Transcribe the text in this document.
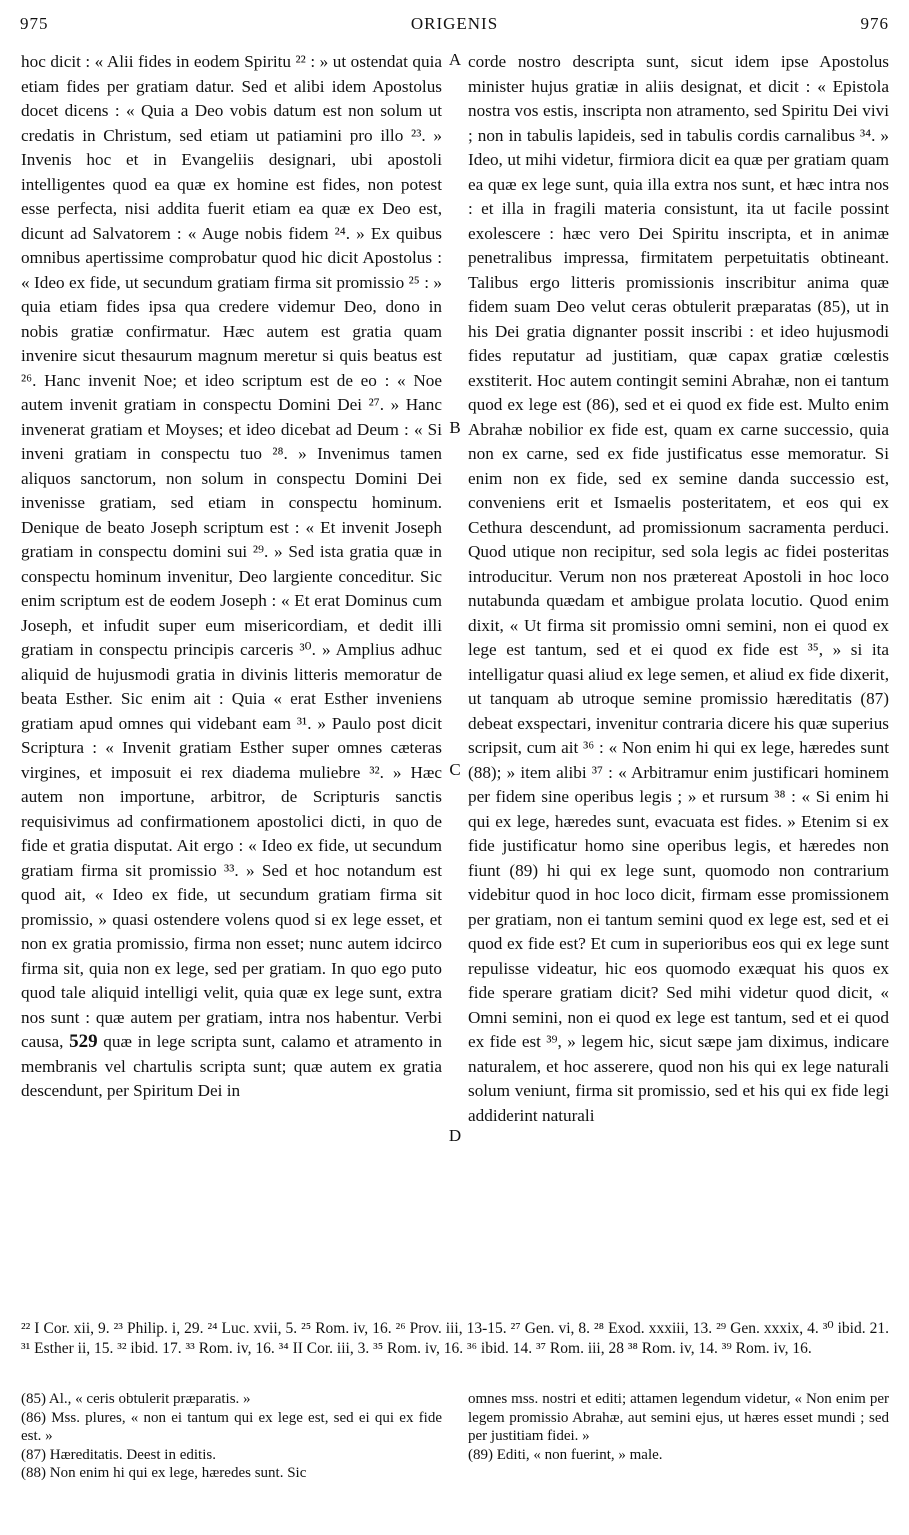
975	ORIGENIS	976

hoc dicit : « Alii fides in eodem Spiritu ²² : » ut ostendat quia etiam fides per gratiam datur. Sed et alibi idem Apostolus docet dicens : « Quia a Deo vobis datum est non solum ut credatis in Christum, sed etiam ut patiamini pro illo ²³. » Invenis hoc et in Evangeliis designari, ubi apostoli intelligentes quod ea quæ ex homine est fides, non potest esse perfecta, nisi addita fuerit etiam ea quæ ex Deo est, dicunt ad Salvatorem : « Auge nobis fidem ²⁴. » Ex quibus omnibus apertissime comprobatur quod hic dicit Apostolus : « Ideo ex fide, ut secundum gratiam firma sit promissio ²⁵ : » quia etiam fides ipsa qua credere videmur Deo, dono in nobis gratiæ confirmatur. Hæc autem est gratia quam invenire sicut thesaurum magnum meretur si quis beatus est ²⁶. Hanc invenit Noe; et ideo scriptum est de eo : « Noe autem invenit gratiam in conspectu Domini Dei ²⁷. » Hanc invenerat gratiam et Moyses; et ideo dicebat ad Deum : « Si inveni gratiam in conspectu tuo ²⁸. » Invenimus tamen aliquos sanctorum, non solum in conspectu Domini Dei invenisse gratiam, sed etiam in conspectu hominum. Denique de beato Joseph scriptum est : « Et invenit Joseph gratiam in conspectu domini sui ²⁹. » Sed ista gratia quæ in conspectu hominum invenitur, Deo largiente conceditur. Sic enim scriptum est de eodem Joseph : « Et erat Dominus cum Joseph, et infudit super eum misericordiam, et dedit illi gratiam in conspectu principis carceris ³⁰. » Amplius adhuc aliquid de hujusmodi gratia in divinis litteris memoratur de beata Esther. Sic enim ait : Quia « erat Esther inveniens gratiam apud omnes qui videbant eam ³¹. » Paulo post dicit Scriptura : « Invenit gratiam Esther super omnes cæteras virgines, et imposuit ei rex diadema muliebre ³². » Hæc autem non importune, arbitror, de Scripturis sanctis requisivimus ad confirmationem apostolici dicti, in quo de fide et gratia disputat. Ait ergo : « Ideo ex fide, ut secundum gratiam firma sit promissio ³³. » Sed et hoc notandum est quod ait, « Ideo ex fide, ut secundum gratiam firma sit promissio, » quasi ostendere volens quod si ex lege esset, et non ex gratia promissio, firma non esset; nunc autem idcirco firma sit, quia non ex lege, sed per gratiam. In quo ego puto quod tale aliquid intelligi velit, quia quæ ex lege sunt, extra nos sunt : quæ autem per gratiam, intra nos habentur. Verbi causa, 529 quæ in lege scripta sunt, calamo et atramento in membranis vel chartulis scripta sunt; quæ autem ex gratia descendunt, per Spiritum Dei in

A
B
C
D

corde nostro descripta sunt, sicut idem ipse Apostolus minister hujus gratiæ in aliis designat, et dicit : « Epistola nostra vos estis, inscripta non atramento, sed Spiritu Dei vivi ; non in tabulis lapideis, sed in tabulis cordis carnalibus ³⁴. » Ideo, ut mihi videtur, firmiora dicit ea quæ per gratiam quam ea quæ ex lege sunt, quia illa extra nos sunt, et hæc intra nos : et illa in fragili materia consistunt, ita ut facile possint exolescere : hæc vero Dei Spiritu inscripta, et in animæ penetralibus impressa, firmitatem perpetuitatis obtineant. Talibus ergo litteris promissionis inscribitur anima quæ fidem suam Deo velut ceras obtulerit præparatas (85), ut in his Dei gratia dignanter possit inscribi : et ideo hujusmodi fides reputatur ad justitiam, quæ capax gratiæ cœlestis exstiterit. Hoc autem contingit semini Abrahæ, non ei tantum quod ex lege est (86), sed et ei quod ex fide est. Multo enim Abrahæ nobilior ex fide est, quam ex carne successio, quia non ex carne, sed ex fide justificatus esse memoratur. Si enim non ex fide, sed ex semine danda successio est, conveniens erit et Ismaelis posteritatem, et eos qui ex Cethura descendunt, ad promissionum sacramenta perduci. Quod utique non recipitur, sed sola legis ac fidei posteritas introducitur. Verum non nos prætereat Apostoli in hoc loco nutabunda quædam et ambigue prolata locutio. Quod enim dixit, « Ut firma sit promissio omni semini, non ei quod ex lege est tantum, sed et ei quod ex fide est ³⁵, » si ita intelligatur quasi aliud ex lege semen, et aliud ex fide dixerit, ut tanquam ab utroque semine promissio hæreditatis (87) debeat exspectari, invenitur contraria dicere his quæ superius scripsit, cum ait ³⁶ : « Non enim hi qui ex lege, hæredes sunt (88); » item alibi ³⁷ : « Arbitramur enim justificari hominem per fidem sine operibus legis ; » et rursum ³⁸ : « Si enim hi qui ex lege, hæredes sunt, evacuata est fides. » Etenim si ex fide justificatur homo sine operibus legis, et hæredes non fiunt (89) hi qui ex lege sunt, quomodo non contrarium videbitur quod in hoc loco dicit, firmam esse promissionem per gratiam, non ei tantum semini quod ex lege est, sed et ei quod ex fide est? Et cum in superioribus eos qui ex lege sunt repulisse videatur, hic eos quomodo exæquat his quos ex fide sperare gratiam dicit? Sed mihi videtur quod dicit, « Omni semini, non ei quod ex lege est tantum, sed et ei quod ex fide est ³⁹, » legem hic, sicut sæpe jam diximus, indicare naturalem, et hoc asserere, quod non his qui ex lege naturali solum veniunt, firma sit promissio, sed et his qui ex fide legi addiderint naturali

²² I Cor. xii, 9. ²³ Philip. i, 29. ²⁴ Luc. xvii, 5. ²⁵ Rom. iv, 16. ²⁶ Prov. iii, 13-15. ²⁷ Gen. vi, 8. ²⁸ Exod. xxxiii, 13. ²⁹ Gen. xxxix, 4. ³⁰ ibid. 21. ³¹ Esther ii, 15. ³² ibid. 17. ³³ Rom. iv, 16. ³⁴ II Cor. iii, 3. ³⁵ Rom. iv, 16. ³⁶ ibid. 14. ³⁷ Rom. iii, 28 ³⁸ Rom. iv, 14. ³⁹ Rom. iv, 16.
(85) Al., « ceris obtulerit præparatis. »
(86) Mss. plures, « non ei tantum qui ex lege est, sed ei qui ex fide est. »
(87) Hæreditatis. Deest in editis.
(88) Non enim hi qui ex lege, hæredes sunt. Sic
omnes mss. nostri et editi; attamen legendum videtur, « Non enim per legem promissio Abrahæ, aut semini ejus, ut hæres esset mundi ; sed per justitiam fidei. »
(89) Editi, « non fuerint, » male.
